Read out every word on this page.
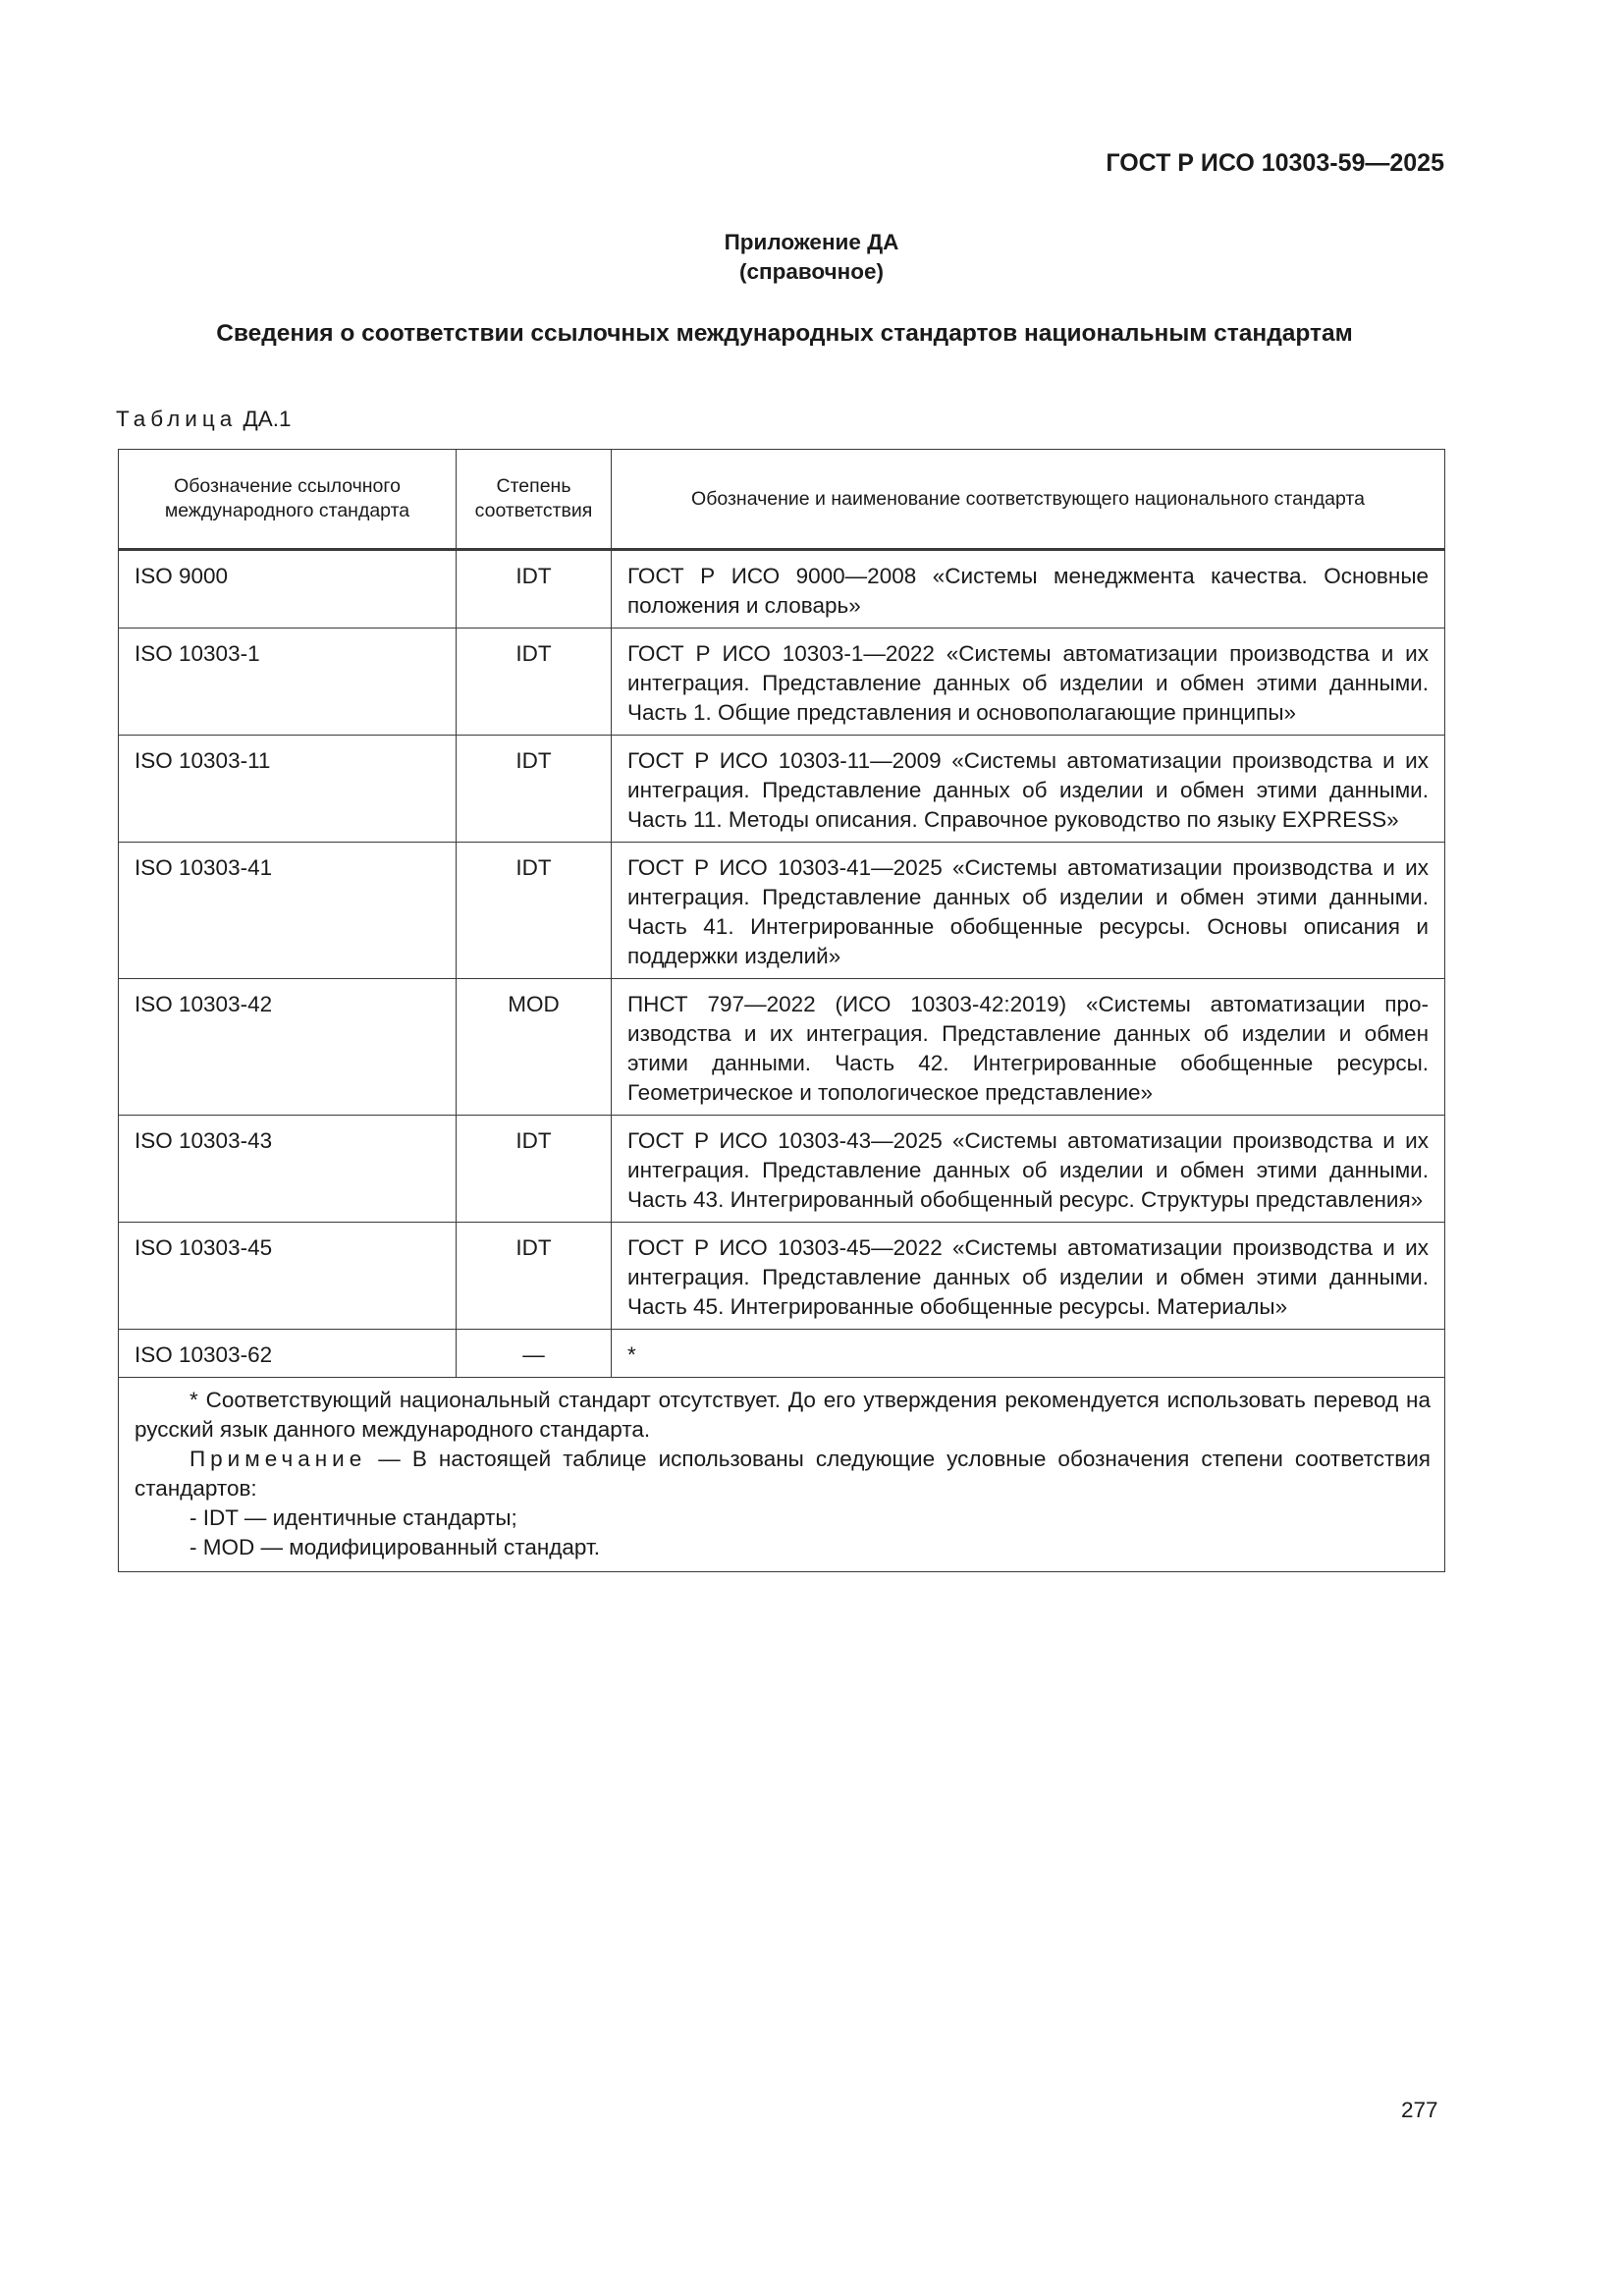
ГОСТ Р ИСО 10303-59—2025
Приложение ДА
(справочное)
Сведения о соответствии ссылочных международных стандартов национальным стандартам
Таблица ДА.1
Обозначение ссылочного международного стандарта	Степень соответствия	Обозначение и наименование соответствующего национального стандарта
ISO 9000	IDT	ГОСТ Р ИСО 9000—2008 «Системы менеджмента качества. Основные положения и словарь»
ISO 10303-1	IDT	ГОСТ Р ИСО 10303-1—2022 «Системы автоматизации производства и их интеграция. Представление данных об изделии и обмен этими данными. Часть 1. Общие представления и основополагающие принципы»
ISO 10303-11	IDT	ГОСТ Р ИСО 10303-11—2009 «Системы автоматизации производства и их интеграция. Представление данных об изделии и обмен этими данными. Часть 11. Методы описания. Справочное руководство по языку EXPRESS»
ISO 10303-41	IDT	ГОСТ Р ИСО 10303-41—2025 «Системы автоматизации производства и их интеграция. Представление данных об изделии и обмен этими данными. Часть 41. Интегрированные обобщенные ресурсы. Основы описания и поддержки изделий»
ISO 10303-42	MOD	ПНСТ 797—2022 (ИСО 10303-42:2019) «Системы автоматизации производства и их интеграция. Представление данных об изделии и обмен этими данными. Часть 42. Интегрированные обобщенные ресурсы. Геометрическое и топологическое представление»
ISO 10303-43	IDT	ГОСТ Р ИСО 10303-43—2025 «Системы автоматизации производства и их интеграция. Представление данных об изделии и обмен этими данными. Часть 43. Интегрированный обобщенный ресурс. Структуры представления»
ISO 10303-45	IDT	ГОСТ Р ИСО 10303-45—2022 «Системы автоматизации производства и их интеграция. Представление данных об изделии и обмен этими данными. Часть 45. Интегрированные обобщенные ресурсы. Материалы»
ISO 10303-62	—	*

* Соответствующий национальный стандарт отсутствует. До его утверждения рекомендуется использовать перевод на русский язык данного международного стандарта.

Примечание — В настоящей таблице использованы следующие условные обозначения степени соответствия стандартов:

- IDT — идентичные стандарты;

- MOD — модифицированный стандарт.		

277
